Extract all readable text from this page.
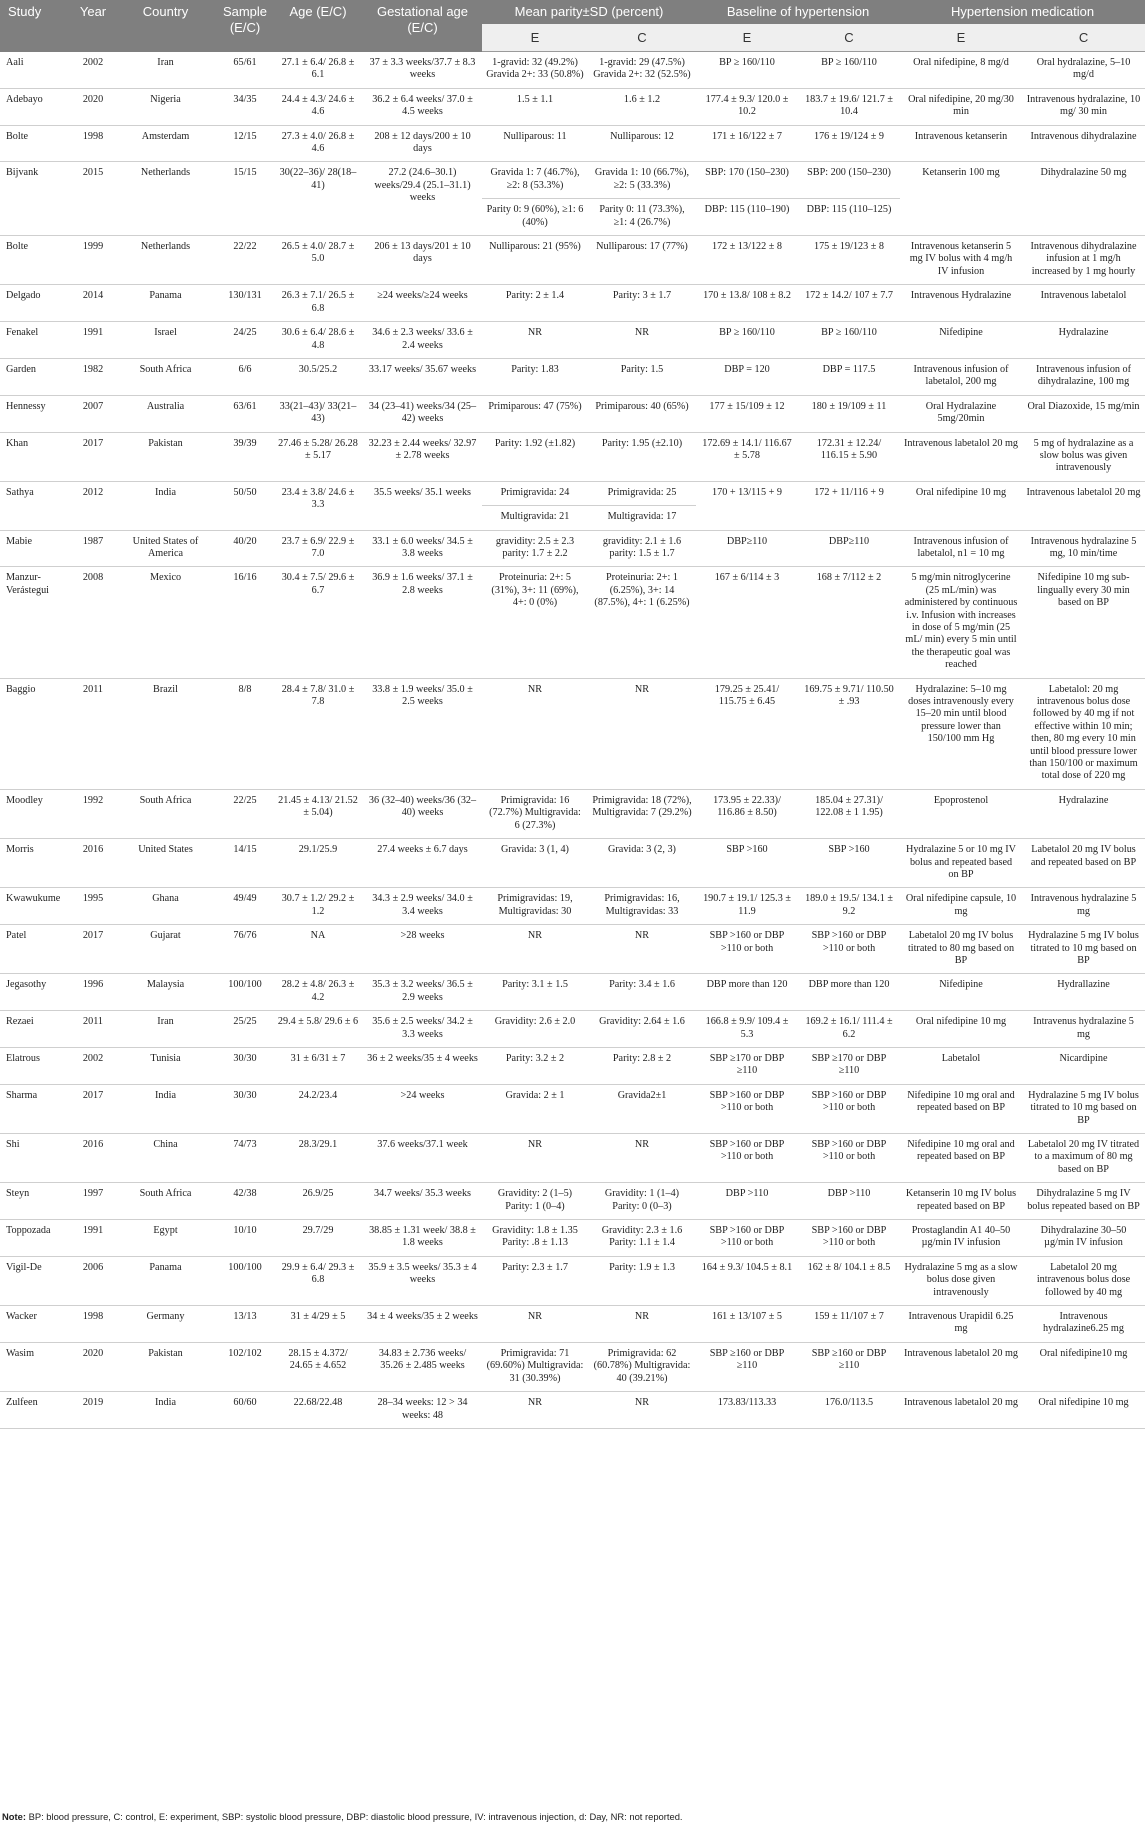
Study	Year	Country	Sample (E/C)	Age (E/C)	Gestational age (E/C)	Mean parity±SD (percent)		Baseline of hypertension		Hypertension medication	
						E	C	E	C	E	C
Aali	2002	Iran	65/61	27.1 ± 6.4/ 26.8 ± 6.1	37 ± 3.3 weeks/37.7 ± 8.3 weeks	1-gravid: 32 (49.2%) Gravida 2+: 33 (50.8%)	1-gravid: 29 (47.5%) Gravida 2+: 32 (52.5%)	BP ≥ 160/110	BP ≥ 160/110	Oral nifedipine, 8 mg/d	Oral hydralazine, 5–10 mg/d
Adebayo	2020	Nigeria	34/35	24.4 ± 4.3/ 24.6 ± 4.6	36.2 ± 6.4 weeks/ 37.0 ± 4.5 weeks	1.5 ± 1.1	1.6 ± 1.2	177.4 ± 9.3/ 120.0 ± 10.2	183.7 ± 19.6/ 121.7 ± 10.4	Oral nifedipine, 20 mg/30 min	Intravenous hydralazine, 10 mg/ 30 min
Bolte	1998	Amsterdam	12/15	27.3 ± 4.0/ 26.8 ± 4.6	208 ± 12 days/200 ± 10 days	Nulliparous: 11	Nulliparous: 12	171 ± 16/122 ± 7	176 ± 19/124 ± 9	Intravenous ketanserin	Intravenous dihydralazine
Bijvank	2015	Netherlands	15/15	30(22–36)/ 28(18–41)	27.2 (24.6–30.1) weeks/29.4 (25.1–31.1) weeks	Gravida 1: 7 (46.7%), ≥2: 8 (53.3%)	Gravida 1: 10 (66.7%), ≥2: 5 (33.3%)	SBP: 170 (150–230)	SBP: 200 (150–230)	Ketanserin 100 mg	Dihydralazine 50 mg
						Parity 0: 9 (60%), ≥1: 6 (40%)	Parity 0: 11 (73.3%), ≥1: 4 (26.7%)	DBP: 115 (110–190)	DBP: 115 (110–125)		
Bolte	1999	Netherlands	22/22	26.5 ± 4.0/ 28.7 ± 5.0	206 ± 13 days/201 ± 10 days	Nulliparous: 21 (95%)	Nulliparous: 17 (77%)	172 ± 13/122 ± 8	175 ± 19/123 ± 8	Intravenous ketanserin 5 mg IV bolus with 4 mg/h IV infusion	Intravenous dihydralazine infusion at 1 mg/h increased by 1 mg hourly
Delgado	2014	Panama	130/131	26.3 ± 7.1/ 26.5 ± 6.8	≥24 weeks/≥24 weeks	Parity: 2 ± 1.4	Parity: 3 ± 1.7	170 ± 13.8/ 108 ± 8.2	172 ± 14.2/ 107 ± 7.7	Intravenous Hydralazine	Intravenous labetalol
Fenakel	1991	Israel	24/25	30.6 ± 6.4/ 28.6 ± 4.8	34.6 ± 2.3 weeks/ 33.6 ± 2.4 weeks	NR	NR	BP ≥ 160/110	BP ≥ 160/110	Nifedipine	Hydralazine
Garden	1982	South Africa	6/6	30.5/25.2	33.17 weeks/ 35.67 weeks	Parity: 1.83	Parity: 1.5	DBP = 120	DBP = 117.5	Intravenous infusion of labetalol, 200 mg	Intravenous infusion of dihydralazine, 100 mg
Hennessy	2007	Australia	63/61	33(21–43)/ 33(21–43)	34 (23–41) weeks/34 (25–42) weeks	Primiparous: 47 (75%)	Primiparous: 40 (65%)	177 ± 15/109 ± 12	180 ± 19/109 ± 11	Oral Hydralazine 5mg/20min	Oral Diazoxide, 15 mg/min
Khan	2017	Pakistan	39/39	27.46 ± 5.28/ 26.28 ± 5.17	32.23 ± 2.44 weeks/ 32.97 ± 2.78 weeks	Parity: 1.92 (±1.82)	Parity: 1.95 (±2.10)	172.69 ± 14.1/ 116.67 ± 5.78	172.31 ± 12.24/ 116.15 ± 5.90	Intravenous labetalol 20 mg	5 mg of hydralazine as a slow bolus was given intravenously
Sathya	2012	India	50/50	23.4 ± 3.8/ 24.6 ± 3.3	35.5 weeks/ 35.1 weeks	Primigravida: 24	Primigravida: 25	170 + 13/115 + 9	172 + 11/116 + 9	Oral nifedipine 10 mg	Intravenous labetalol 20 mg
						Multigravida: 21	Multigravida: 17				
Mabie	1987	United States of America	40/20	23.7 ± 6.9/ 22.9 ± 7.0	33.1 ± 6.0 weeks/ 34.5 ± 3.8 weeks	gravidity: 2.5 ± 2.3 parity: 1.7 ± 2.2	gravidity: 2.1 ± 1.6 parity: 1.5 ± 1.7	DBP≥110	DBP≥110	Intravenous infusion of labetalol, n1 = 10 mg	Intravenous hydralazine 5 mg, 10 min/time
Manzur-Verástegui	2008	Mexico	16/16	30.4 ± 7.5/ 29.6 ± 6.7	36.9 ± 1.6 weeks/ 37.1 ± 2.8 weeks	Proteinuria: 2+: 5 (31%), 3+: 11 (69%), 4+: 0 (0%)	Proteinuria: 2+: 1 (6.25%), 3+: 14 (87.5%), 4+: 1 (6.25%)	167 ± 6/114 ± 3	168 ± 7/112 ± 2	5 mg/min nitroglycerine (25 mL/min) was administered by continuous i.v. Infusion with increases in dose of 5 mg/min (25 mL/ min) every 5 min until the therapeutic goal was reached	Nifedipine 10 mg sub-lingually every 30 min based on BP
Baggio	2011	Brazil	8/8	28.4 ± 7.8/ 31.0 ± 7.8	33.8 ± 1.9 weeks/ 35.0 ± 2.5 weeks	NR	NR	179.25 ± 25.41/ 115.75 ± 6.45	169.75 ± 9.71/ 110.50 ± .93	Hydralazine: 5–10 mg doses intravenously every 15–20 min until blood pressure lower than 150/100 mm Hg	Labetalol: 20 mg intravenous bolus dose followed by 40 mg if not effective within 10 min; then, 80 mg every 10 min until blood pressure lower than 150/100 or maximum total dose of 220 mg
Moodley	1992	South Africa	22/25	21.45 ± 4.13/ 21.52 ± 5.04)	36 (32–40) weeks/36 (32–40) weeks	Primigravida: 16 (72.7%) Multigravida: 6 (27.3%)	Primigravida: 18 (72%), Multigravida: 7 (29.2%)	173.95 ± 22.33)/ 116.86 ± 8.50)	185.04 ± 27.31)/ 122.08 ± 1 1.95)	Epoprostenol	Hydralazine
Morris	2016	United States	14/15	29.1/25.9	27.4 weeks ± 6.7 days	Gravida: 3 (1, 4)	Gravida: 3 (2, 3)	SBP >160	SBP >160	Hydralazine 5 or 10 mg IV bolus and repeated based on BP	Labetalol 20 mg IV bolus and repeated based on BP
Kwawukume	1995	Ghana	49/49	30.7 ± 1.2/ 29.2 ± 1.2	34.3 ± 2.9 weeks/ 34.0 ± 3.4 weeks	Primigravidas: 19, Multigravidas: 30	Primigravidas: 16, Multigravidas: 33	190.7 ± 19.1/ 125.3 ± 11.9	189.0 ± 19.5/ 134.1 ± 9.2	Oral nifedipine capsule, 10 mg	Intravenous hydralazine 5 mg
Patel	2017	Gujarat	76/76	NA	>28 weeks	NR	NR	SBP >160 or DBP >110 or both	SBP >160 or DBP >110 or both	Labetalol 20 mg IV bolus titrated to 80 mg based on BP	Hydralazine 5 mg IV bolus titrated to 10 mg based on BP
Jegasothy	1996	Malaysia	100/100	28.2 ± 4.8/ 26.3 ± 4.2	35.3 ± 3.2 weeks/ 36.5 ± 2.9 weeks	Parity: 3.1 ± 1.5	Parity: 3.4 ± 1.6	DBP more than 120	DBP more than 120	Nifedipine	Hydrallazine
Rezaei	2011	Iran	25/25	29.4 ± 5.8/ 29.6 ± 6	35.6 ± 2.5 weeks/ 34.2 ± 3.3 weeks	Gravidity: 2.6 ± 2.0	Gravidity: 2.64 ± 1.6	166.8 ± 9.9/ 109.4 ± 5.3	169.2 ± 16.1/ 111.4 ± 6.2	Oral nifedipine 10 mg	Intravenus hydralazine 5 mg
Elatrous	2002	Tunisia	30/30	31 ± 6/31 ± 7	36 ± 2 weeks/35 ± 4 weeks	Parity: 3.2 ± 2	Parity: 2.8 ± 2	SBP ≥170 or DBP ≥110	SBP ≥170 or DBP ≥110	Labetalol	Nicardipine
Sharma	2017	India	30/30	24.2/23.4	>24 weeks	Gravida: 2 ± 1	Gravida2±1	SBP >160 or DBP >110 or both	SBP >160 or DBP >110 or both	Nifedipine 10 mg oral and repeated based on BP	Hydralazine 5 mg IV bolus titrated to 10 mg based on BP
Shi	2016	China	74/73	28.3/29.1	37.6 weeks/37.1 week	NR	NR	SBP >160 or DBP >110 or both	SBP >160 or DBP >110 or both	Nifedipine 10 mg oral and repeated based on BP	Labetalol 20 mg IV titrated to a maximum of 80 mg based on BP
Steyn	1997	South Africa	42/38	26.9/25	34.7 weeks/ 35.3 weeks	Gravidity: 2 (1–5) Parity: 1 (0–4)	Gravidity: 1 (1–4) Parity: 0 (0–3)	DBP >110	DBP >110	Ketanserin 10 mg IV bolus repeated based on BP	Dihydralazine 5 mg IV bolus repeated based on BP
Toppozada	1991	Egypt	10/10	29.7/29	38.85 ± 1.31 week/ 38.8 ± 1.8 weeks	Gravidity: 1.8 ± 1.35 Parity: .8 ± 1.13	Gravidity: 2.3 ± 1.6 Parity: 1.1 ± 1.4	SBP >160 or DBP >110 or both	SBP >160 or DBP >110 or both	Prostaglandin A1 40–50 µg/min IV infusion	Dihydralazine 30–50 µg/min IV infusion
Vigil-De	2006	Panama	100/100	29.9 ± 6.4/ 29.3 ± 6.8	35.9 ± 3.5 weeks/ 35.3 ± 4 weeks	Parity: 2.3 ± 1.7	Parity: 1.9 ± 1.3	164 ± 9.3/ 104.5 ± 8.1	162 ± 8/ 104.1 ± 8.5	Hydralazine 5 mg as a slow bolus dose given intravenously	Labetalol 20 mg intravenous bolus dose followed by 40 mg
Wacker	1998	Germany	13/13	31 ± 4/29 ± 5	34 ± 4 weeks/35 ± 2 weeks	NR	NR	161 ± 13/107 ± 5	159 ± 11/107 ± 7	Intravenous Urapidil 6.25 mg	Intravenous hydralazine6.25 mg
Wasim	2020	Pakistan	102/102	28.15 ± 4.372/ 24.65 ± 4.652	34.83 ± 2.736 weeks/ 35.26 ± 2.485 weeks	Primigravida: 71 (69.60%) Multigravida: 31 (30.39%)	Primigravida: 62 (60.78%) Multigravida: 40 (39.21%)	SBP ≥160 or DBP ≥110	SBP ≥160 or DBP ≥110	Intravenous labetalol 20 mg	Oral nifedipine10 mg
Zulfeen	2019	India	60/60	22.68/22.48	28–34 weeks: 12 > 34 weeks: 48	NR	NR	173.83/113.33	176.0/113.5	Intravenous labetalol 20 mg	Oral nifedipine 10 mg
Note: BP: blood pressure, C: control, E: experiment, SBP: systolic blood pressure, DBP: diastolic blood pressure, IV: intravenous injection, d: Day, NR: not reported.
